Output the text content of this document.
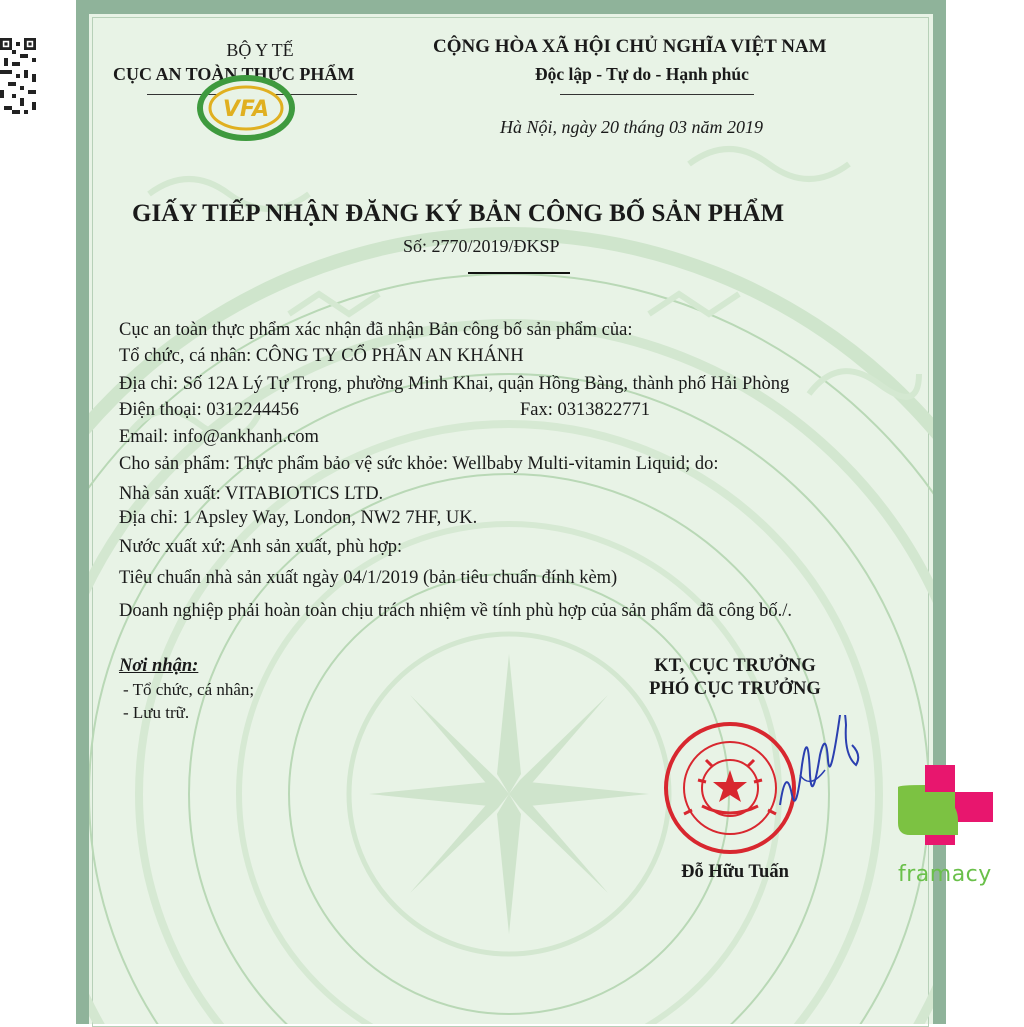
BỘ Y TẾ
CỤC AN TOÀN THỰC PHẨM
VFA
CỘNG HÒA XÃ HỘI CHỦ NGHĨA VIỆT NAM
Độc lập - Tự do - Hạnh phúc
Hà Nội, ngày 20 tháng 03 năm 2019
GIẤY TIẾP NHẬN ĐĂNG KÝ BẢN CÔNG BỐ SẢN PHẨM
Số: 2770/2019/ĐKSP
Cục an toàn thực phẩm xác nhận đã nhận Bản công bố sản phẩm của:
Tổ chức, cá nhân: CÔNG TY CỔ PHẦN AN KHÁNH
Địa chỉ: Số 12A Lý Tự Trọng, phường Minh Khai, quận Hồng Bàng, thành phố Hải Phòng
Điện thoại: 0312244456	Fax: 0313822771
Email: info@ankhanh.com
Cho sản phẩm: Thực phẩm bảo vệ sức khỏe: Wellbaby Multi-vitamin Liquid; do:
Nhà sản xuất: VITABIOTICS LTD.
Địa chỉ: 1 Apsley Way, London, NW2 7HF, UK.
Nước xuất xứ: Anh sản xuất, phù hợp:
Tiêu chuẩn nhà sản xuất ngày 04/1/2019 (bản tiêu chuẩn đính kèm)
Doanh nghiệp phải hoàn toàn chịu trách nhiệm về tính phù hợp của sản phẩm đã công bố./.
Nơi nhận:
- Tổ chức, cá nhân;
- Lưu trữ.
KT, CỤC TRƯỞNG
PHÓ CỤC TRƯỞNG
Đỗ Hữu Tuấn	framacy
